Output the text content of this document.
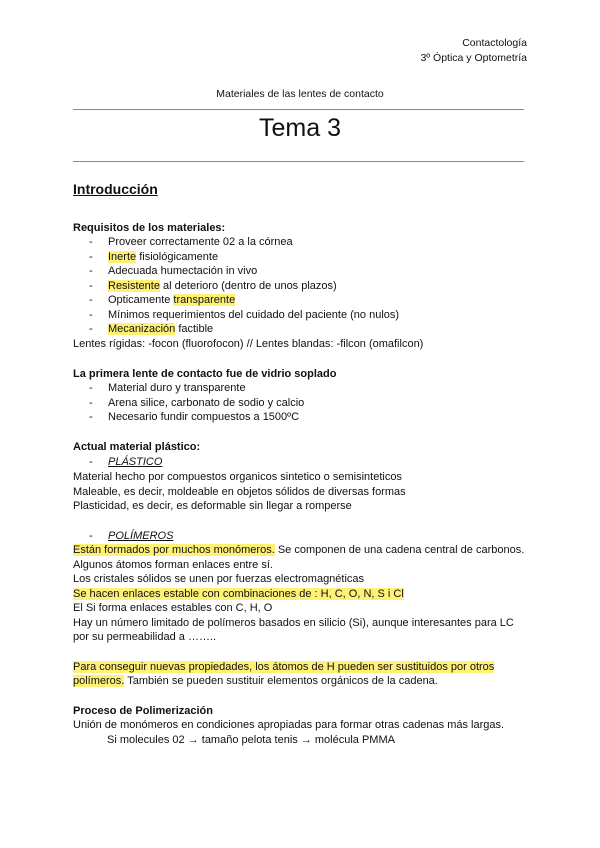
Contactología
3º Óptica y Optometría
Materiales de las lentes de contacto
Tema 3
Introducción
Requisitos de los materiales:
- Proveer correctamente 02 a la córnea
- Inerte fisiológicamente
- Adecuada humectación in vivo
- Resistente al deterioro (dentro de unos plazos)
- Opticamente transparente
- Mínimos requerimientos del cuidado del paciente (no nulos)
- Mecanización factible
Lentes rígidas: -focon (fluorofocon) // Lentes blandas: -filcon (omafilcon)
La primera lente de contacto fue de vidrio soplado
- Material duro y transparente
- Arena silice, carbonato de sodio y calcio
- Necesario fundir compuestos a 1500ºC
Actual material plástico:
- PLÁSTICO
Material hecho por compuestos organicos sintetico o semisinteticos
Maleable, es decir, moldeable en objetos sólidos de diversas formas
Plasticidad, es decir, es deformable sin llegar a romperse
- POLÍMEROS
Están formados por muchos monómeros. Se componen de una cadena central de carbonos.
Algunos átomos forman enlaces entre sí.
Los cristales sólidos se unen por fuerzas electromagnéticas
Se hacen enlaces estable con combinaciones de : H, C, O, N, S i Cl
El Si forma enlaces estables con C, H, O
Hay un número limitado de polímeros basados en silicio (Si), aunque interesantes para LC
por su permeabilidad a ……..
Para conseguir nuevas propiedades, los átomos de H pueden ser sustituidos por otros
polímeros. También se pueden sustituir elementos orgánicos de la cadena.
Proceso de Polimerización
Unión de monómeros en condiciones apropiadas para formar otras cadenas más largas.
Si molecules 02 → tamaño pelota tenis → molécula PMMA
